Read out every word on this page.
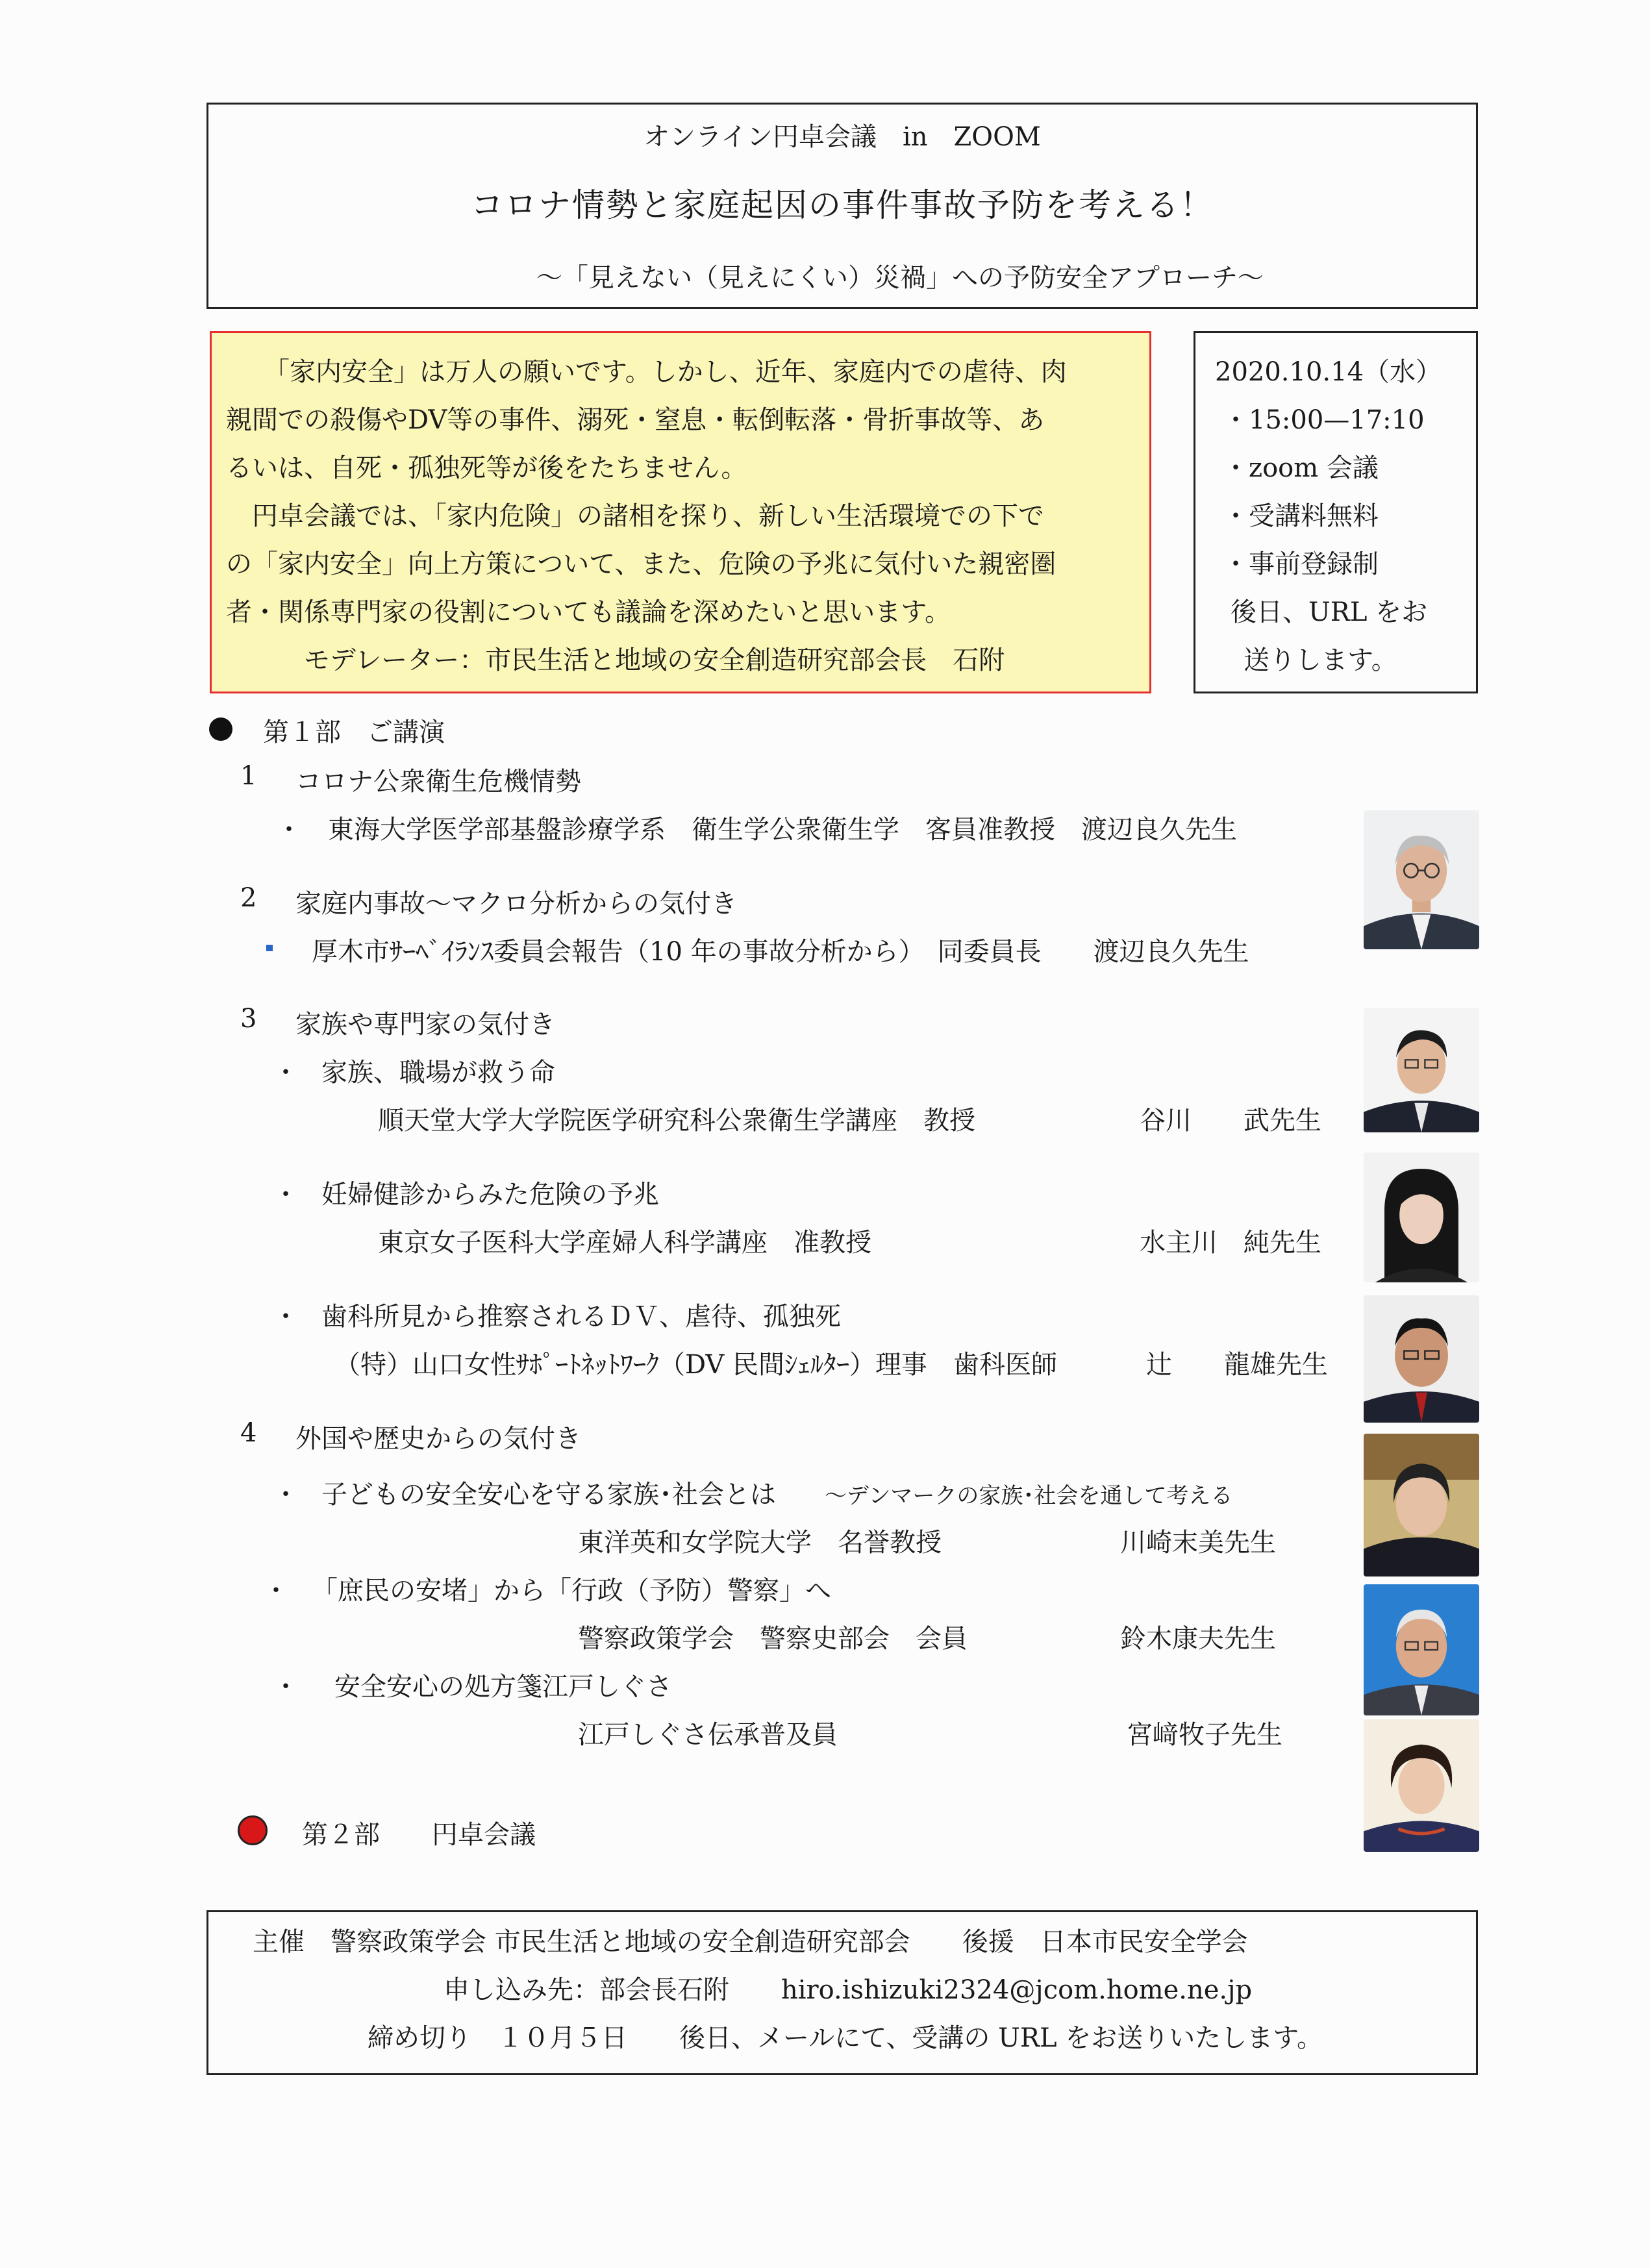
オンライン円卓会議　in　ZOOM
コロナ情勢と家庭起因の事件事故予防を考える！
～「見えない（見えにくい）災禍」への予防安全アプローチ～
「家内安全」は万人の願いです。しかし、近年、家庭内での虐待、肉
親間での殺傷やDV等の事件、溺死・窒息・転倒転落・骨折事故等、あ
るいは、自死・孤独死等が後をたちません。
円卓会議では、「家内危険」の諸相を探り、新しい生活環境での下で
の「家内安全」向上方策について、また、危険の予兆に気付いた親密圏
者・関係専門家の役割についても議論を深めたいと思います。
モデレーター：市民生活と地域の安全創造研究部会長　石附
2020.10.14（水）
・15:00—17:10
・zoom 会議
・受講料無料
・事前登録制
後日、URL をお
送りします。
第１部　ご講演
1 コロナ公衆衛生危機情勢
・　東海大学医学部基盤診療学系　衛生学公衆衛生学　客員准教授　渡辺良久先生
2 家庭内事故～マクロ分析からの気付き
厚木市ｻｰﾍﾞｲﾗﾝｽ委員会報告（10 年の事故分析から）　同委員長　　渡辺良久先生
3 家族や専門家の気付き
・ 家族、職場が救う命
順天堂大学大学院医学研究科公衆衛生学講座　教授	谷川　　武先生
・ 妊婦健診からみた危険の予兆
東京女子医科大学産婦人科学講座　准教授	水主川　純先生
・ 歯科所見から推察されるＤＶ、虐待、孤独死
（特）山口女性ｻﾎﾟｰﾄﾈｯﾄﾜｰｸ（DV 民間ｼｪﾙﾀｰ）理事　歯科医師	辻　　龍雄先生
4 外国や歴史からの気付き
・ 子どもの安全安心を守る家族･社会とは ～デンマークの家族･社会を通して考える
東洋英和女学院大学　名誉教授	川崎末美先生
・ 「庶民の安堵」から「行政（予防）警察」へ
警察政策学会　警察史部会　会員	鈴木康夫先生
・ 安全安心の処方箋江戸しぐさ
江戸しぐさ伝承普及員	宮﨑牧子先生
第２部　　円卓会議
主催　警察政策学会 市民生活と地域の安全創造研究部会　　後援　日本市民安全学会
申し込み先：部会長石附　　hiro.ishizuki2324@jcom.home.ne.jp
締め切り　１０月５日　　後日、メールにて、受講の URL をお送りいたします。
